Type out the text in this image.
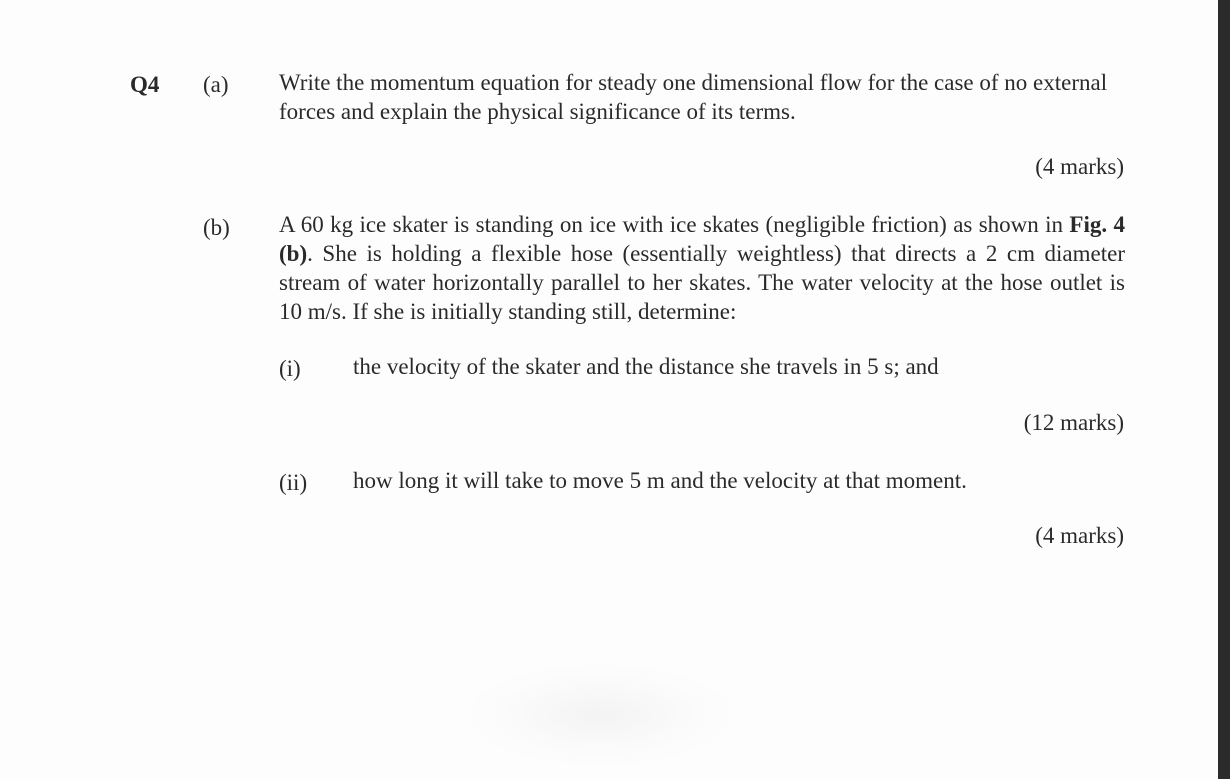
Q4 (a) Write the momentum equation for steady one dimensional flow for the case of no external forces and explain the physical significance of its terms.
(4 marks)
(b) A 60 kg ice skater is standing on ice with ice skates (negligible friction) as shown in Fig. 4 (b). She is holding a flexible hose (essentially weightless) that directs a 2 cm diameter stream of water horizontally parallel to her skates. The water velocity at the hose outlet is 10 m/s. If she is initially standing still, determine:
(i) the velocity of the skater and the distance she travels in 5 s; and
(12 marks)
(ii) how long it will take to move 5 m and the velocity at that moment.
(4 marks)
